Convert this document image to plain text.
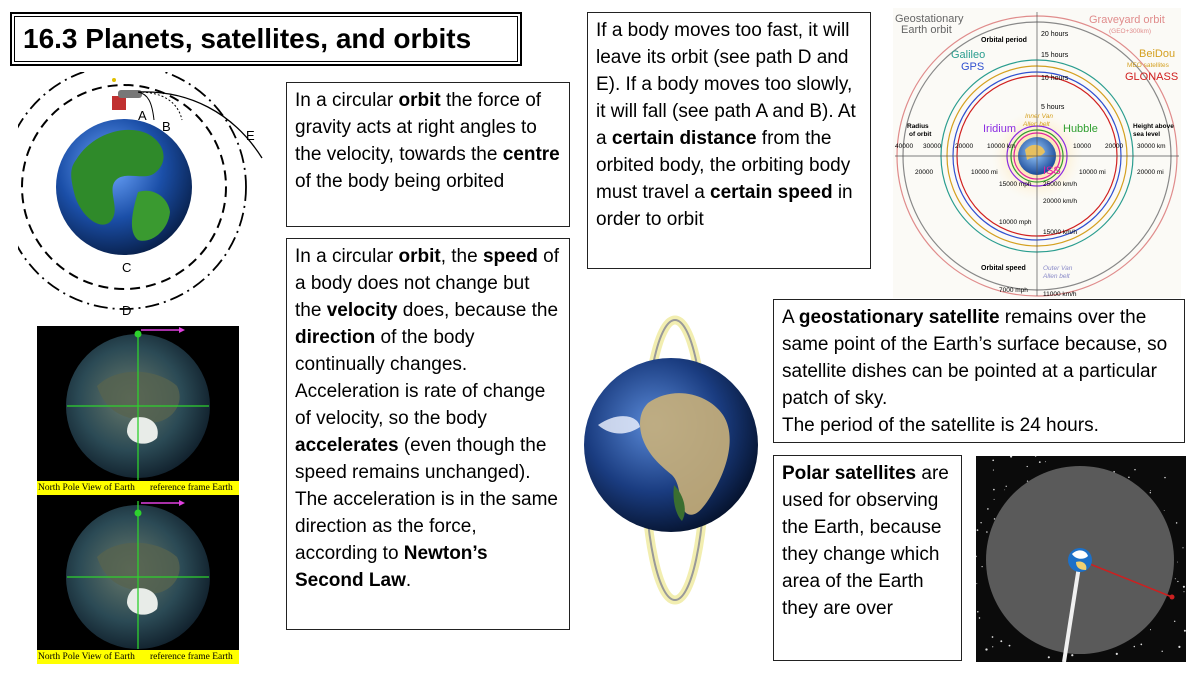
16.3 Planets, satellites, and orbits
A
B
C
D
E
North Pole View of Earth reference frame Earth
North Pole View of Earth reference frame Earth
In a circular orbit the force of gravity acts at right angles to the velocity, towards the centre of the body being orbited
In a circular orbit, the speed of a body does not change but the velocity does, because the direction of the body continually changes. Acceleration is rate of change of velocity, so the body accelerates (even though the speed remains unchanged). The acceleration is in the same direction as the force, according to Newton’s Second Law.
If a body moves too fast, it will leave its orbit (see path D and E). If a body moves too slowly, it will fall (see path A and B). At a certain distance from the orbited body, the orbiting body must travel a certain speed in order to orbit
Geostationary
Earth orbit
Graveyard orbit
(GEO+300km)
Orbital period
20 hours
15 hours
10 hours
5 hours
Galileo
GPS
BeiDou
MEO satellites
GLONASS
Radius
of orbit	Iridium
Inner Van
Allen belt Hubble	Height above
sea level
40000 30000 20000 10000 km	10000 20000 30000 km
20000	10000 mi	10000 mi	20000 mi
ISS
15000 mph 25000 km/h
20000 km/h
10000 mph
15000 km/h
Orbital speed	Outer Van
Allen belt
7000 mph
11000 km/h
A geostationary satellite remains over the same point of the Earth’s surface because, so satellite dishes can be pointed at a particular patch of sky.
The period of the satellite is 24 hours.
Polar satellites are used for observing the Earth, because they change which area of the Earth they are over
